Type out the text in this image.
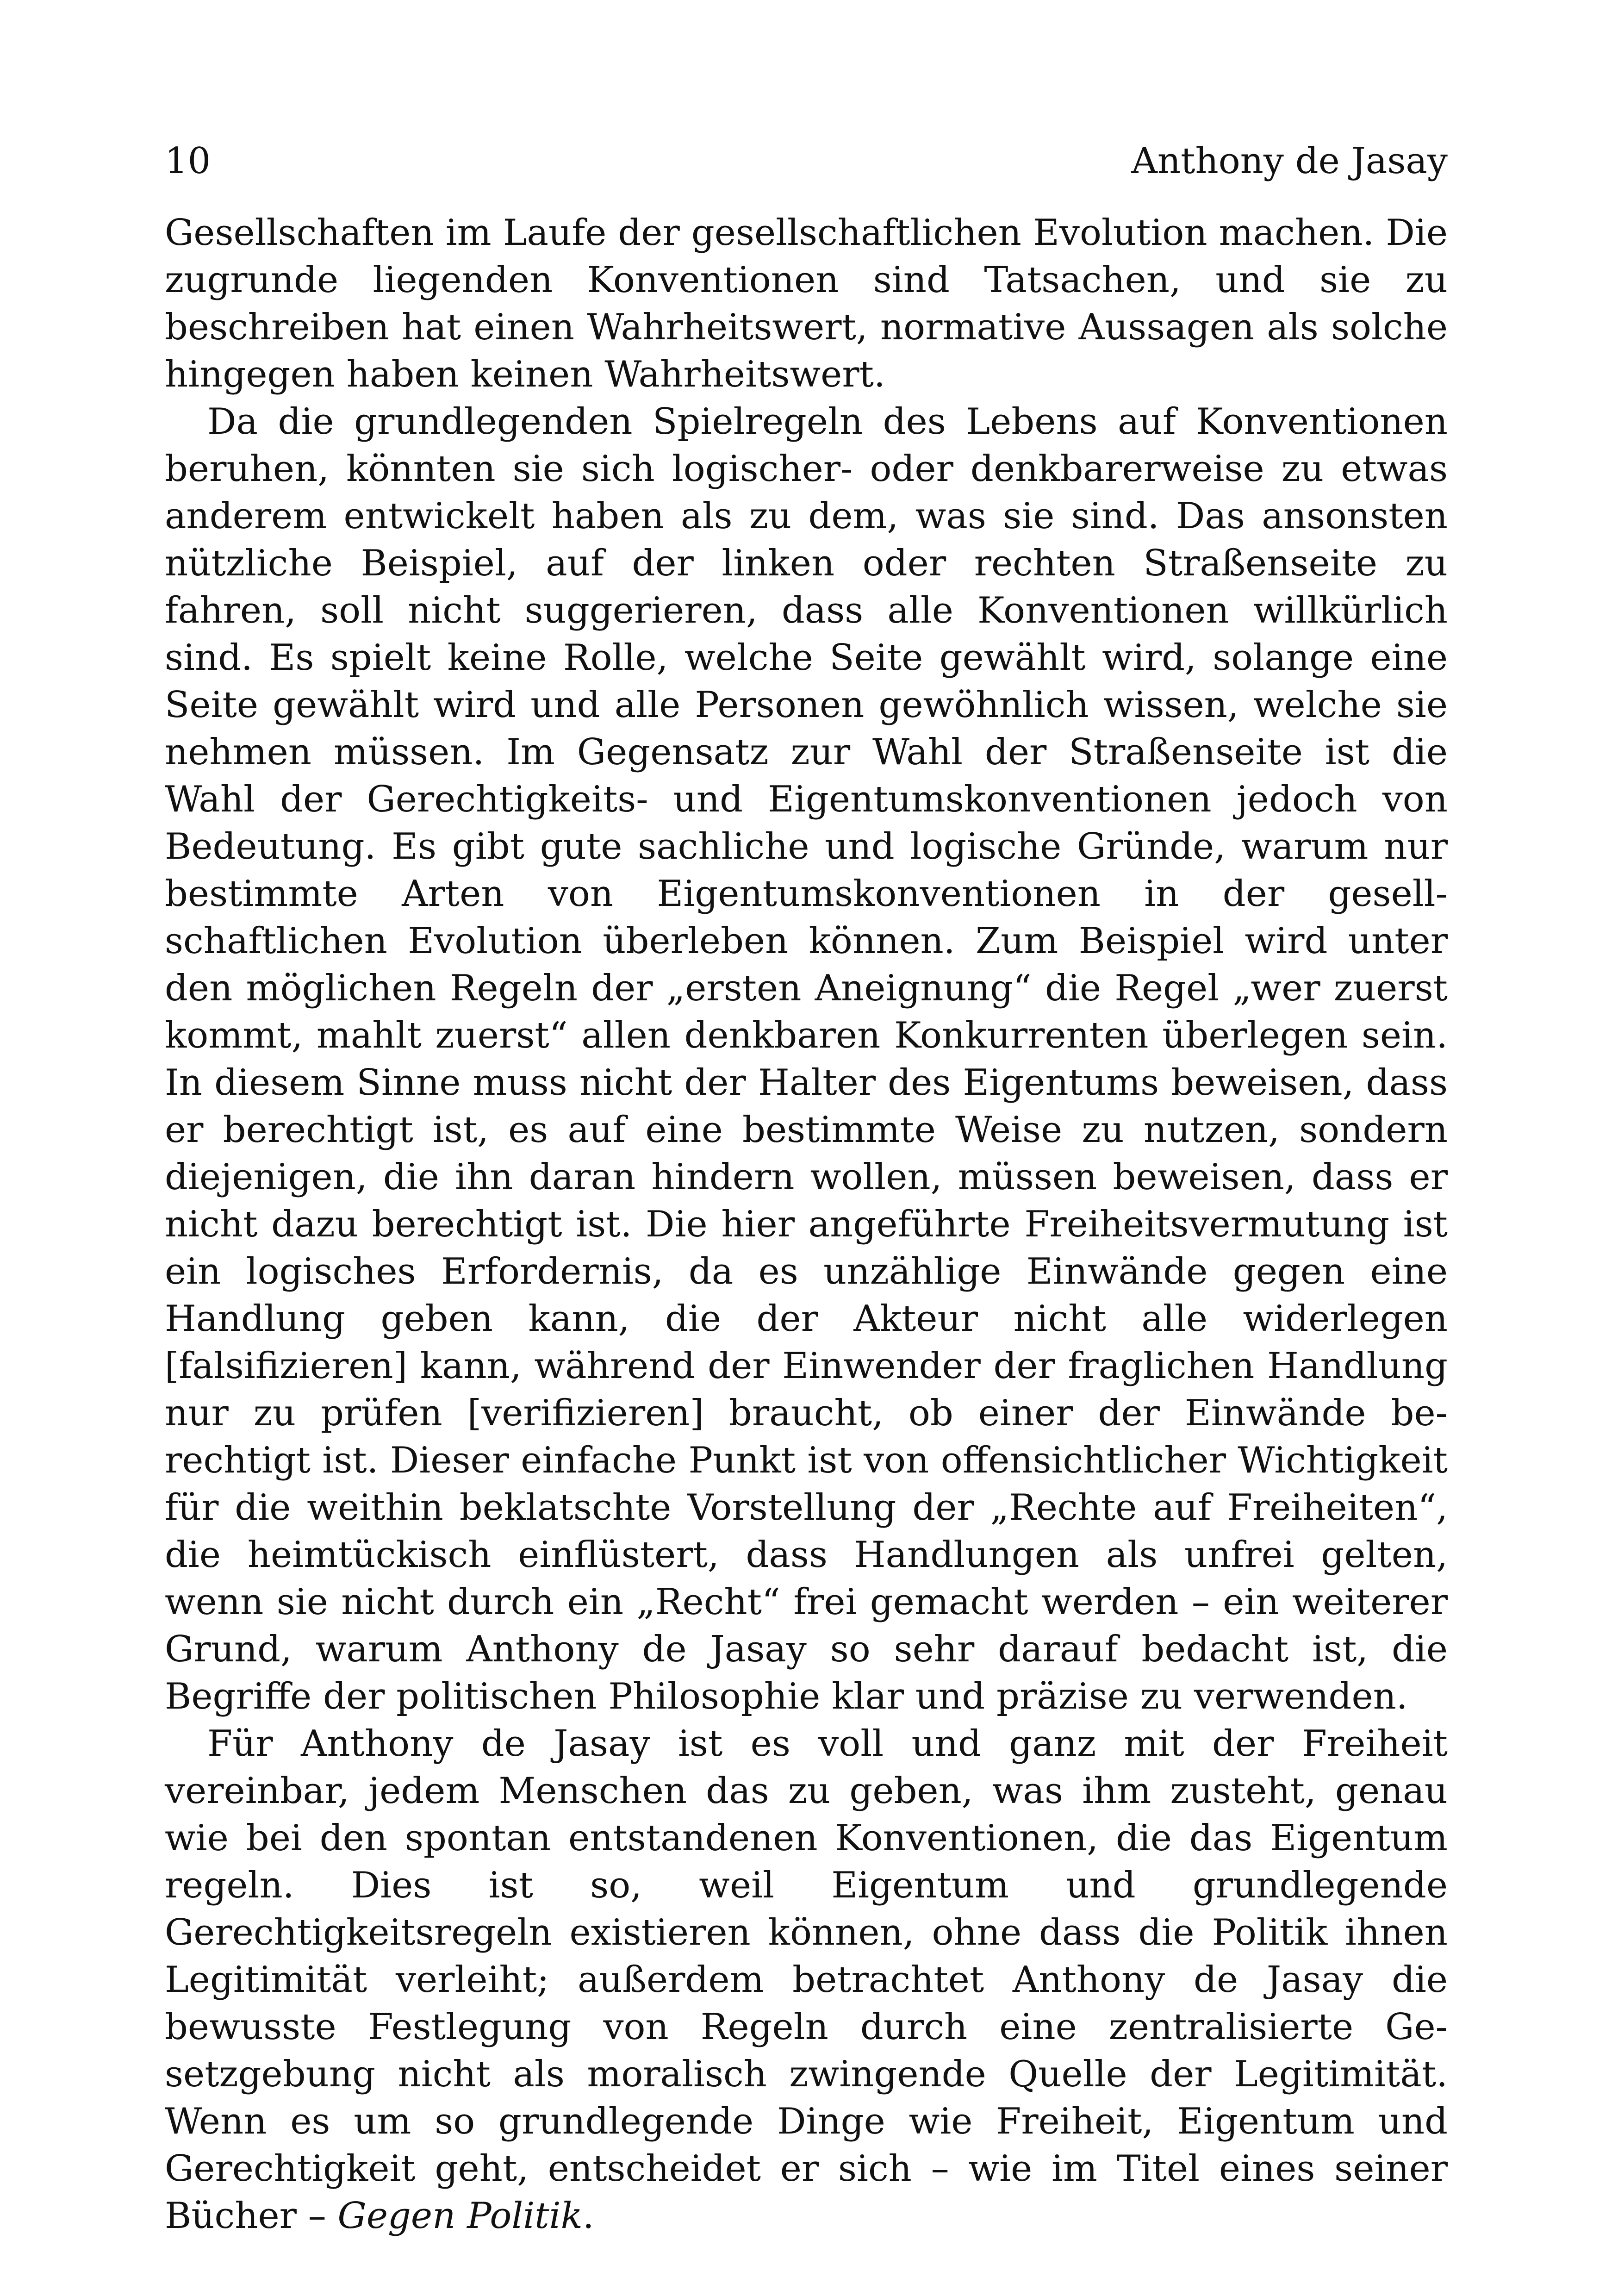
10	Anthony de Jasay

Gesellschaften im Laufe der gesellschaftlichen Evolution machen. Die zugrunde liegenden Konventionen sind Tatsachen, und sie zu beschreiben hat einen Wahrheitswert, normative Aussagen als solche hingegen haben keinen Wahrheitswert.

Da die grundlegenden Spielregeln des Lebens auf Konventionen beruhen, könnten sie sich logischer- oder denkbarerweise zu etwas anderem entwickelt haben als zu dem, was sie sind. Das ansonsten nützliche Beispiel, auf der linken oder rechten Straßenseite zu fahren, soll nicht suggerieren, dass alle Konventionen willkürlich sind. Es spielt keine Rolle, welche Seite gewählt wird, solange eine Seite gewählt wird und alle Personen gewöhnlich wissen, welche sie nehmen müssen. Im Gegensatz zur Wahl der Straßenseite ist die Wahl der Gerechtigkeits- und Eigentumskonventionen jedoch von Bedeutung. Es gibt gute sachliche und logische Gründe, warum nur bestimmte Arten von Eigentumskonventionen in der gesellschaftlichen Evolution überleben können. Zum Beispiel wird unter den möglichen Regeln der „ersten Aneignung“ die Regel „wer zuerst kommt, mahlt zuerst“ allen denkbaren Konkurrenten überlegen sein. In diesem Sinne muss nicht der Halter des Eigentums beweisen, dass er berechtigt ist, es auf eine bestimmte Weise zu nutzen, sondern diejenigen, die ihn daran hindern wollen, müssen beweisen, dass er nicht dazu berechtigt ist. Die hier angeführte Freiheitsvermutung ist ein logisches Erfordernis, da es unzählige Einwände gegen eine Handlung geben kann, die der Akteur nicht alle widerlegen [falsifizieren] kann, während der Einwender der fraglichen Handlung nur zu prüfen [verifizieren] braucht, ob einer der Einwände berechtigt ist. Dieser einfache Punkt ist von offensichtlicher Wichtigkeit für die weithin beklatschte Vorstellung der „Rechte auf Freiheiten“, die heimtückisch einflüstert, dass Handlungen als unfrei gelten, wenn sie nicht durch ein „Recht“ frei gemacht werden – ein weiterer Grund, warum Anthony de Jasay so sehr darauf bedacht ist, die Begriffe der politischen Philosophie klar und präzise zu verwenden.

Für Anthony de Jasay ist es voll und ganz mit der Freiheit vereinbar, jedem Menschen das zu geben, was ihm zusteht, genau wie bei den spontan entstandenen Konventionen, die das Eigentum regeln. Dies ist so, weil Eigentum und grundlegende Gerechtigkeitsregeln existieren können, ohne dass die Politik ihnen Legitimität verleiht; außerdem betrachtet Anthony de Jasay die bewusste Festlegung von Regeln durch eine zentralisierte Gesetzgebung nicht als moralisch zwingende Quelle der Legitimität. Wenn es um so grundlegende Dinge wie Freiheit, Eigentum und Gerechtigkeit geht, entscheidet er sich – wie im Titel eines seiner Bücher – Gegen Politik.
